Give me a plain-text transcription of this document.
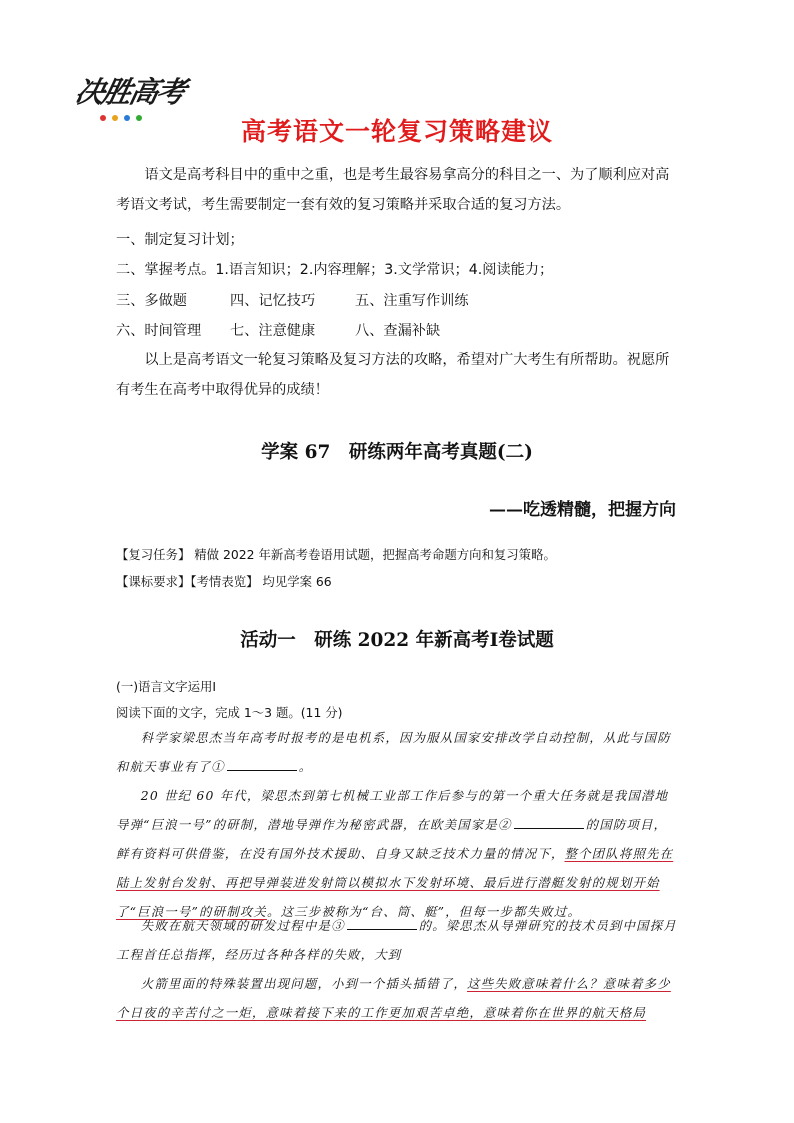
决胜高考
高考语文一轮复习策略建议
语文是高考科目中的重中之重，也是考生最容易拿高分的科目之一、为了顺利应对高考语文考试，考生需要制定一套有效的复习策略并采取合适的复习方法。
一、制定复习计划；
二、掌握考点。1.语言知识；2.内容理解；3.文学常识；4.阅读能力；
三、多做题	四、记忆技巧	五、注重写作训练
六、时间管理 七、注意健康	八、查漏补缺
以上是高考语文一轮复习策略及复习方法的攻略，希望对广大考生有所帮助。祝愿所有考生在高考中取得优异的成绩！
学案 67　研练两年高考真题(二)
——吃透精髓，把握方向
【复习任务】 精做 2022 年新高考卷语用试题，把握高考命题方向和复习策略。
【课标要求】【考情表览】 均见学案 66
活动一　研练 2022 年新高考Ⅰ卷试题
(一)语言文字运用Ⅰ
阅读下面的文字，完成 1～3 题。(11 分)
科学家梁思杰当年高考时报考的是电机系，因为服从国家安排改学自动控制，从此与国防和航天事业有了①	。
20 世纪 60 年代，梁思杰到第七机械工业部工作后参与的第一个重大任务就是我国潜地导弹“巨浪一号”的研制，潜地导弹作为秘密武器，在欧美国家是②	的国防项目，鲜有资料可供借鉴，在没有国外技术援助、自身又缺乏技术力量的情况下，整个团队将照先在陆上发射台发射、再把导弹装进发射筒以模拟水下发射环境、最后进行潜艇发射的规划开始了“巨浪一号”的研制攻关。这三步被称为“台、筒、艇”，但每一步都失败过。
失败在航天领域的研发过程中是③	的。梁思杰从导弹研究的技术员到中国探月工程首任总指挥，经历过各种各样的失败，大到
火箭里面的特殊装置出现问题，小到一个插头插错了，这些失败意味着什么？意味着多少个日夜的辛苦付之一炬，意味着接下来的工作更加艰苦卓绝，意味着你在世界的航天格局
